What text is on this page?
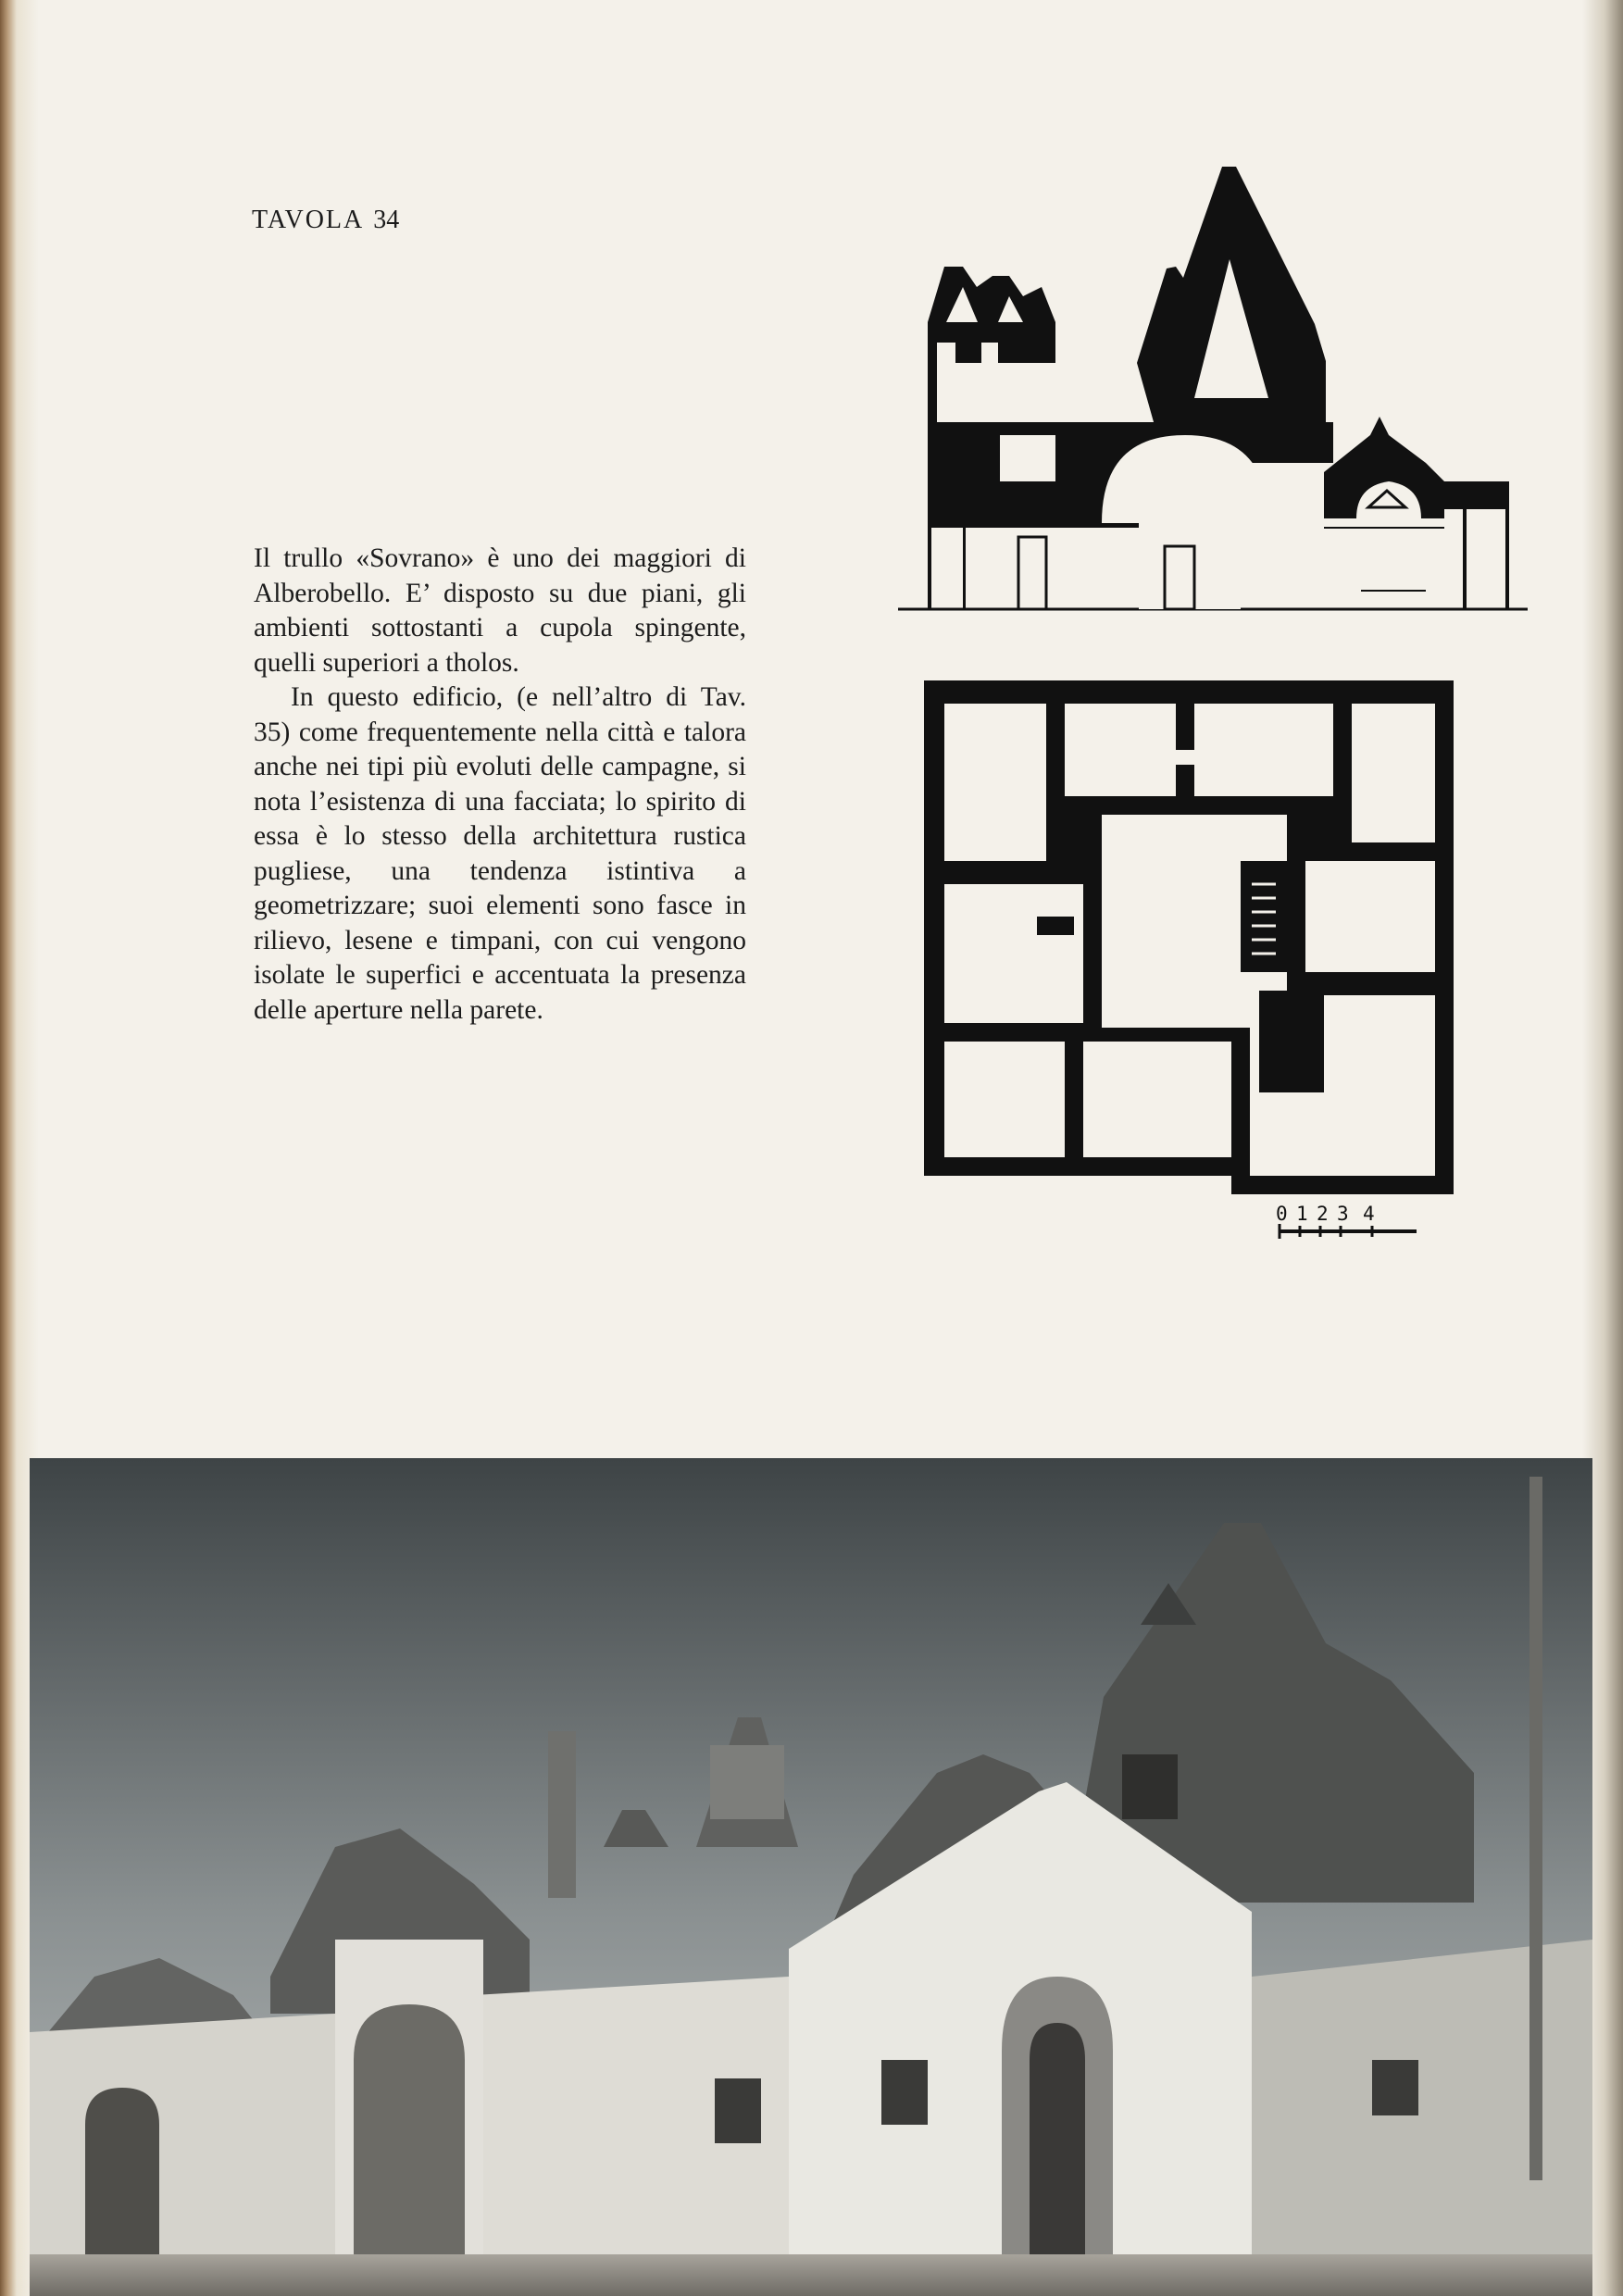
TAVOLA 34

Il trullo «Sovrano» è uno dei maggiori di Alberobello. E’ disposto su due piani, gli ambienti sottostanti a cupola spingente, quelli superiori a tholos.

In questo edificio, (e nell’altro di Tav. 35) come frequentemente nella città e talora anche nei tipi più evoluti delle campagne, si nota l’esistenza di una facciata; lo spirito di essa è lo stesso della architettura rustica pugliese, una tendenza istintiva a geometrizzare; suoi elementi sono fasce in rilievo, lesene e timpani, con cui vengono isolate le superfici e accentuata la presenza delle aperture nella parete.

0 1 2 3 4
